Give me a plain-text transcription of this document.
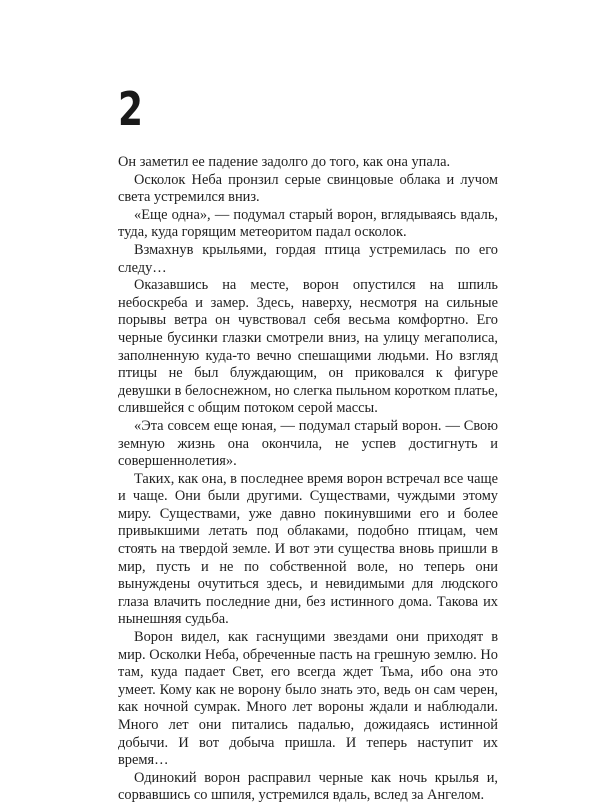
2

Он заметил ее падение задолго до того, как она упала.

Осколок Неба пронзил серые свинцовые облака и лучом света устремился вниз.

«Еще одна», — подумал старый ворон, вглядываясь вдаль, туда, куда горящим метеоритом падал осколок.

Взмахнув крыльями, гордая птица устремилась по его следу…

Оказавшись на месте, ворон опустился на шпиль небоскреба и замер. Здесь, наверху, несмотря на сильные порывы ветра он чувствовал себя весьма комфортно. Его черные бусинки глазки смотрели вниз, на улицу мегаполиса, заполненную куда-то вечно спешащими людьми. Но взгляд птицы не был блуждающим, он приковался к фигуре девушки в белоснежном, но слегка пыльном коротком платье, слившейся с общим потоком серой массы.

«Эта совсем еще юная, — подумал старый ворон. — Свою земную жизнь она окончила, не успев достигнуть и совершеннолетия».

Таких, как она, в последнее время ворон встречал все чаще и чаще. Они были другими. Существами, чуждыми этому миру. Существами, уже давно покинувшими его и более привыкшими летать под облаками, подобно птицам, чем стоять на твердой земле. И вот эти существа вновь пришли в мир, пусть и не по собственной воле, но теперь они вынуждены очутиться здесь, и невидимыми для людского глаза влачить последние дни, без истинного дома. Такова их нынешняя судьба.

Ворон видел, как гаснущими звездами они приходят в мир. Осколки Неба, обреченные пасть на грешную землю. Но там, куда падает Свет, его всегда ждет Тьма, ибо она это умеет. Кому как не ворону было знать это, ведь он сам черен, как ночной сумрак. Много лет вороны ждали и наблюдали. Много лет они питались падалью, дожидаясь истинной добычи. И вот добыча пришла. И теперь наступит их время…

Одинокий ворон расправил черные как ночь крылья и, сорвавшись со шпиля, устремился вдаль, вслед за Ангелом.
